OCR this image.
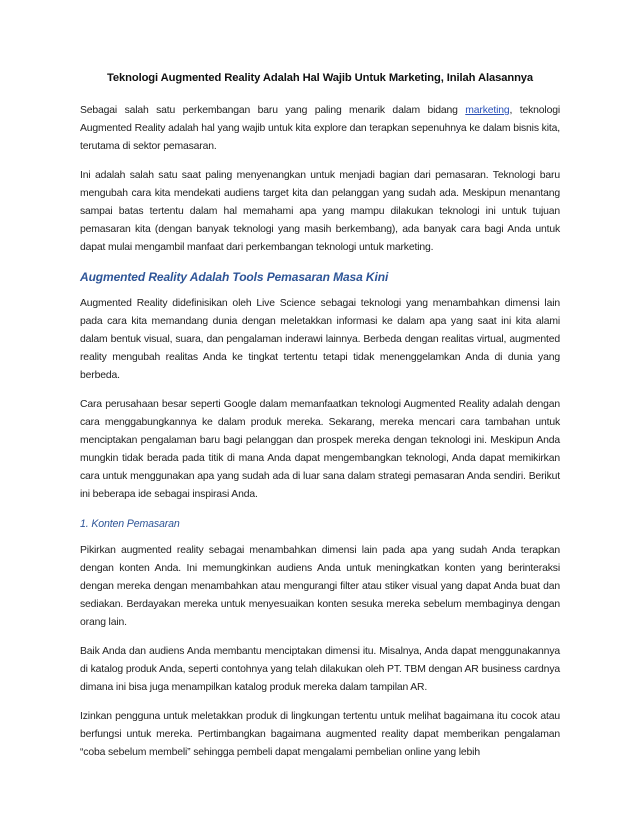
Teknologi Augmented Reality Adalah Hal Wajib Untuk Marketing, Inilah Alasannya

Sebagai salah satu perkembangan baru yang paling menarik dalam bidang marketing, teknologi Augmented Reality adalah hal yang wajib untuk kita explore dan terapkan sepenuhnya ke dalam bisnis kita, terutama di sektor pemasaran.

Ini adalah salah satu saat paling menyenangkan untuk menjadi bagian dari pemasaran. Teknologi baru mengubah cara kita mendekati audiens target kita dan pelanggan yang sudah ada. Meskipun menantang sampai batas tertentu dalam hal memahami apa yang mampu dilakukan teknologi ini untuk tujuan pemasaran kita (dengan banyak teknologi yang masih berkembang), ada banyak cara bagi Anda untuk dapat mulai mengambil manfaat dari perkembangan teknologi untuk marketing.

Augmented Reality Adalah Tools Pemasaran Masa Kini

Augmented Reality didefinisikan oleh Live Science sebagai teknologi yang menambahkan dimensi lain pada cara kita memandang dunia dengan meletakkan informasi ke dalam apa yang saat ini kita alami dalam bentuk visual, suara, dan pengalaman inderawi lainnya. Berbeda dengan realitas virtual, augmented reality mengubah realitas Anda ke tingkat tertentu tetapi tidak menenggelamkan Anda di dunia yang berbeda.

Cara perusahaan besar seperti Google dalam memanfaatkan teknologi Augmented Reality adalah dengan cara menggabungkannya ke dalam produk mereka. Sekarang, mereka mencari cara tambahan untuk menciptakan pengalaman baru bagi pelanggan dan prospek mereka dengan teknologi ini. Meskipun Anda mungkin tidak berada pada titik di mana Anda dapat mengembangkan teknologi, Anda dapat memikirkan cara untuk menggunakan apa yang sudah ada di luar sana dalam strategi pemasaran Anda sendiri. Berikut ini beberapa ide sebagai inspirasi Anda.

1. Konten Pemasaran

Pikirkan augmented reality sebagai menambahkan dimensi lain pada apa yang sudah Anda terapkan dengan konten Anda. Ini memungkinkan audiens Anda untuk meningkatkan konten yang berinteraksi dengan mereka dengan menambahkan atau mengurangi filter atau stiker visual yang dapat Anda buat dan sediakan. Berdayakan mereka untuk menyesuaikan konten sesuka mereka sebelum membaginya dengan orang lain.

Baik Anda dan audiens Anda membantu menciptakan dimensi itu. Misalnya, Anda dapat menggunakannya di katalog produk Anda, seperti contohnya yang telah dilakukan oleh PT. TBM dengan AR business cardnya dimana ini bisa juga menampilkan katalog produk mereka dalam tampilan AR.

Izinkan pengguna untuk meletakkan produk di lingkungan tertentu untuk melihat bagaimana itu cocok atau berfungsi untuk mereka. Pertimbangkan bagaimana augmented reality dapat memberikan pengalaman “coba sebelum membeli” sehingga pembeli dapat mengalami pembelian online yang lebih
